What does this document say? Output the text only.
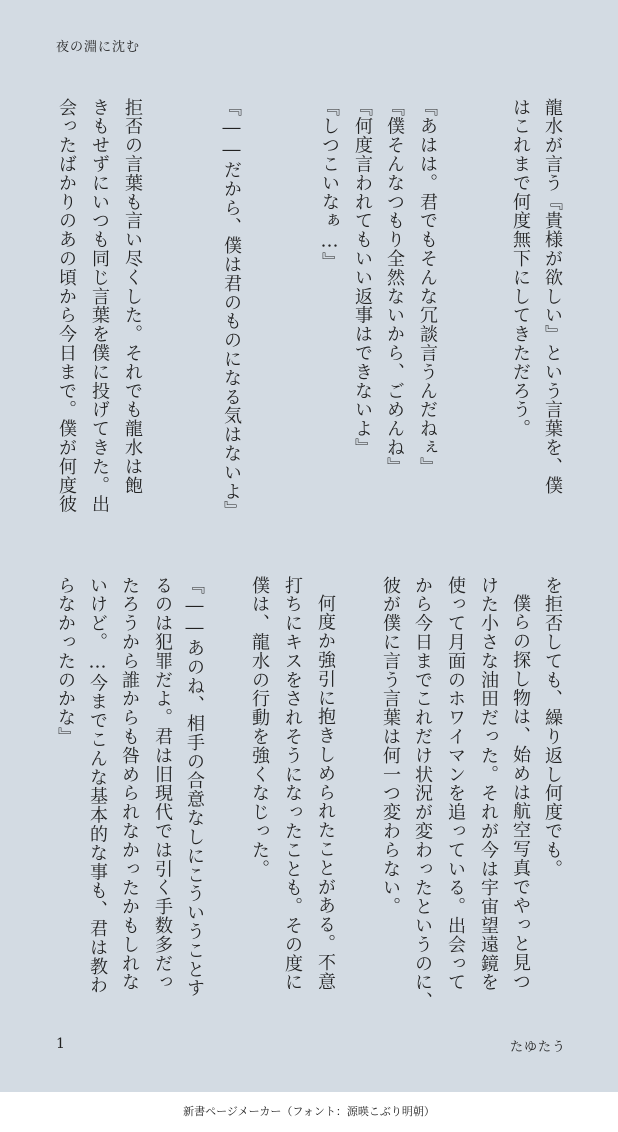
夜の淵に沈む
龍水が言う『貴様が欲しい』という言葉を、僕
はこれまで何度無下にしてきただろう。
『あはは。君でもそんな冗談言うんだねぇ』
『僕そんなつもり全然ないから、ごめんね』
『何度言われてもいい返事はできないよ』
『しつこいなぁ…』
『――だから、僕は君のものになる気はないよ』
拒否の言葉も言い尽くした。それでも龍水は飽
きもせずにいつも同じ言葉を僕に投げてきた。出
会ったばかりのあの頃から今日まで。僕が何度彼
を拒否しても、繰り返し何度でも。
僕らの探し物は、始めは航空写真でやっと見つ
けた小さな油田だった。それが今は宇宙望遠鏡を
使って月面のホワイマンを追っている。出会って
から今日までこれだけ状況が変わったというのに、
彼が僕に言う言葉は何一つ変わらない。
何度か強引に抱きしめられたことがある。不意
打ちにキスをされそうになったことも。その度に
僕は、龍水の行動を強くなじった。
『――あのね、相手の合意なしにこういうことす
るのは犯罪だよ。君は旧現代では引く手数多だっ
たろうから誰からも咎められなかったかもしれな
いけど。…今までこんな基本的な事も、君は教わ
らなかったのかな』
1	たゆたう
新書ページメーカー（フォント：源暎こぶり明朝）
